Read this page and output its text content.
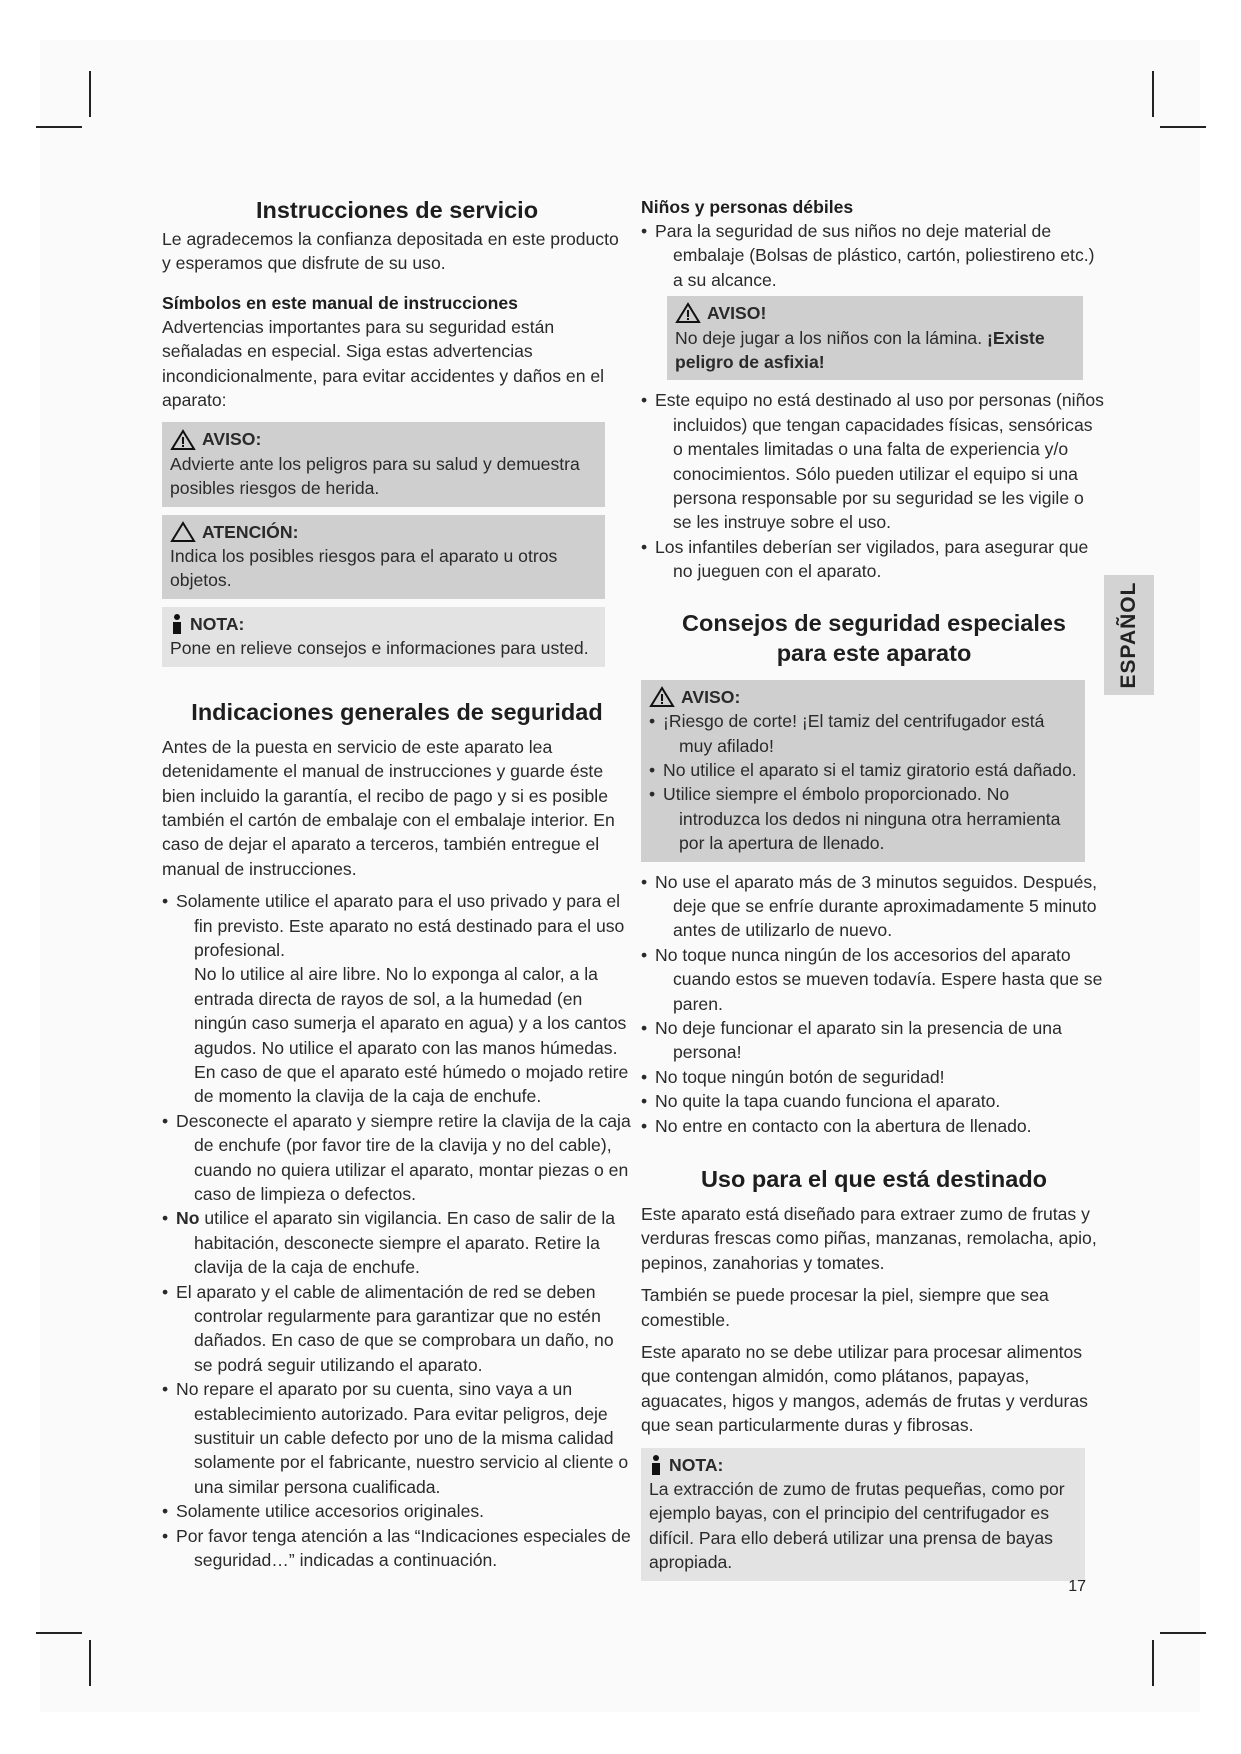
Instrucciones de servicio

Le agradecemos la confianza depositada en este producto y esperamos que disfrute de su uso.

Símbolos en este manual de instrucciones

Advertencias importantes para su seguridad están señaladas en especial. Siga estas advertencias incondicionalmente, para evitar accidentes y daños en el aparato:

AVISO:

Advierte ante los peligros para su salud y demuestra posibles riesgos de herida.

ATENCIÓN:

Indica los posibles riesgos para el aparato u otros objetos.

NOTA:

Pone en relieve consejos e informaciones para usted.

Indicaciones generales de seguridad

Antes de la puesta en servicio de este aparato lea detenidamente el manual de instrucciones y guarde éste bien incluido la garantía, el recibo de pago y si es posible también el cartón de embalaje con el embalaje interior. En caso de dejar el aparato a terceros, también entregue el manual de instrucciones.

• Solamente utilice el aparato para el uso privado y para el fin previsto. Este aparato no está destinado para el uso profesional.
No lo utilice al aire libre. No lo exponga al calor, a la entrada directa de rayos de sol, a la humedad (en ningún caso sumerja el aparato en agua) y a los cantos agudos. No utilice el aparato con las manos húmedas. En caso de que el aparato esté húmedo o mojado retire de momento la clavija de la caja de enchufe.
• Desconecte el aparato y siempre retire la clavija de la caja de enchufe (por favor tire de la clavija y no del cable), cuando no quiera utilizar el aparato, montar piezas o en caso de limpieza o defectos.
• No utilice el aparato sin vigilancia. En caso de salir de la habitación, desconecte siempre el aparato. Retire la clavija de la caja de enchufe.
• El aparato y el cable de alimentación de red se deben controlar regularmente para garantizar que no estén dañados. En caso de que se comprobara un daño, no se podrá seguir utilizando el aparato.
• No repare el aparato por su cuenta, sino vaya a un establecimiento autorizado. Para evitar peligros, deje sustituir un cable defecto por uno de la misma calidad solamente por el fabricante, nuestro servicio al cliente o una similar persona cualificada.
• Solamente utilice accesorios originales.
• Por favor tenga atención a las “Indicaciones especiales de seguridad…” indicadas a continuación.
Niños y personas débiles
• Para la seguridad de sus niños no deje material de embalaje (Bolsas de plástico, cartón, poliestireno etc.) a su alcance.
AVISO!

No deje jugar a los niños con la lámina. ¡Existe peligro de asfixia!

• Este equipo no está destinado al uso por personas (niños incluidos) que tengan capacidades físicas, sensóricas o mentales limitadas o una falta de experiencia y/o conocimientos. Sólo pueden utilizar el equipo si una persona responsable por su seguridad se les vigile o se les instruye sobre el uso.
• Los infantiles deberían ser vigilados, para asegurar que no jueguen con el aparato.
Consejos de seguridad especiales
para este aparato
AVISO:
• ¡Riesgo de corte! ¡El tamiz del centrifugador está muy afilado!
• No utilice el aparato si el tamiz giratorio está dañado.
• Utilice siempre el émbolo proporcionado. No introduzca los dedos ni ninguna otra herramienta por la apertura de llenado.
• No use el aparato más de 3 minutos seguidos. Después, deje que se enfríe durante aproximadamente 5 minuto antes de utilizarlo de nuevo.
• No toque nunca ningún de los accesorios del aparato cuando estos se mueven todavía. Espere hasta que se paren.
• No deje funcionar el aparato sin la presencia de una persona!
• No toque ningún botón de seguridad!
• No quite la tapa cuando funciona el aparato.
• No entre en contacto con la abertura de llenado.
Uso para el que está destinado

Este aparato está diseñado para extraer zumo de frutas y verduras frescas como piñas, manzanas, remolacha, apio, pepinos, zanahorias y tomates.

También se puede procesar la piel, siempre que sea comestible.

Este aparato no se debe utilizar para procesar alimentos que contengan almidón, como plátanos, papayas, aguacates, higos y mangos, además de frutas y verduras que sean particularmente duras y fibrosas.

NOTA:

La extracción de zumo de frutas pequeñas, como por ejemplo bayas, con el principio del centrifugador es difícil. Para ello deberá utilizar una prensa de bayas apropiada.

ESPAÑOL
17
